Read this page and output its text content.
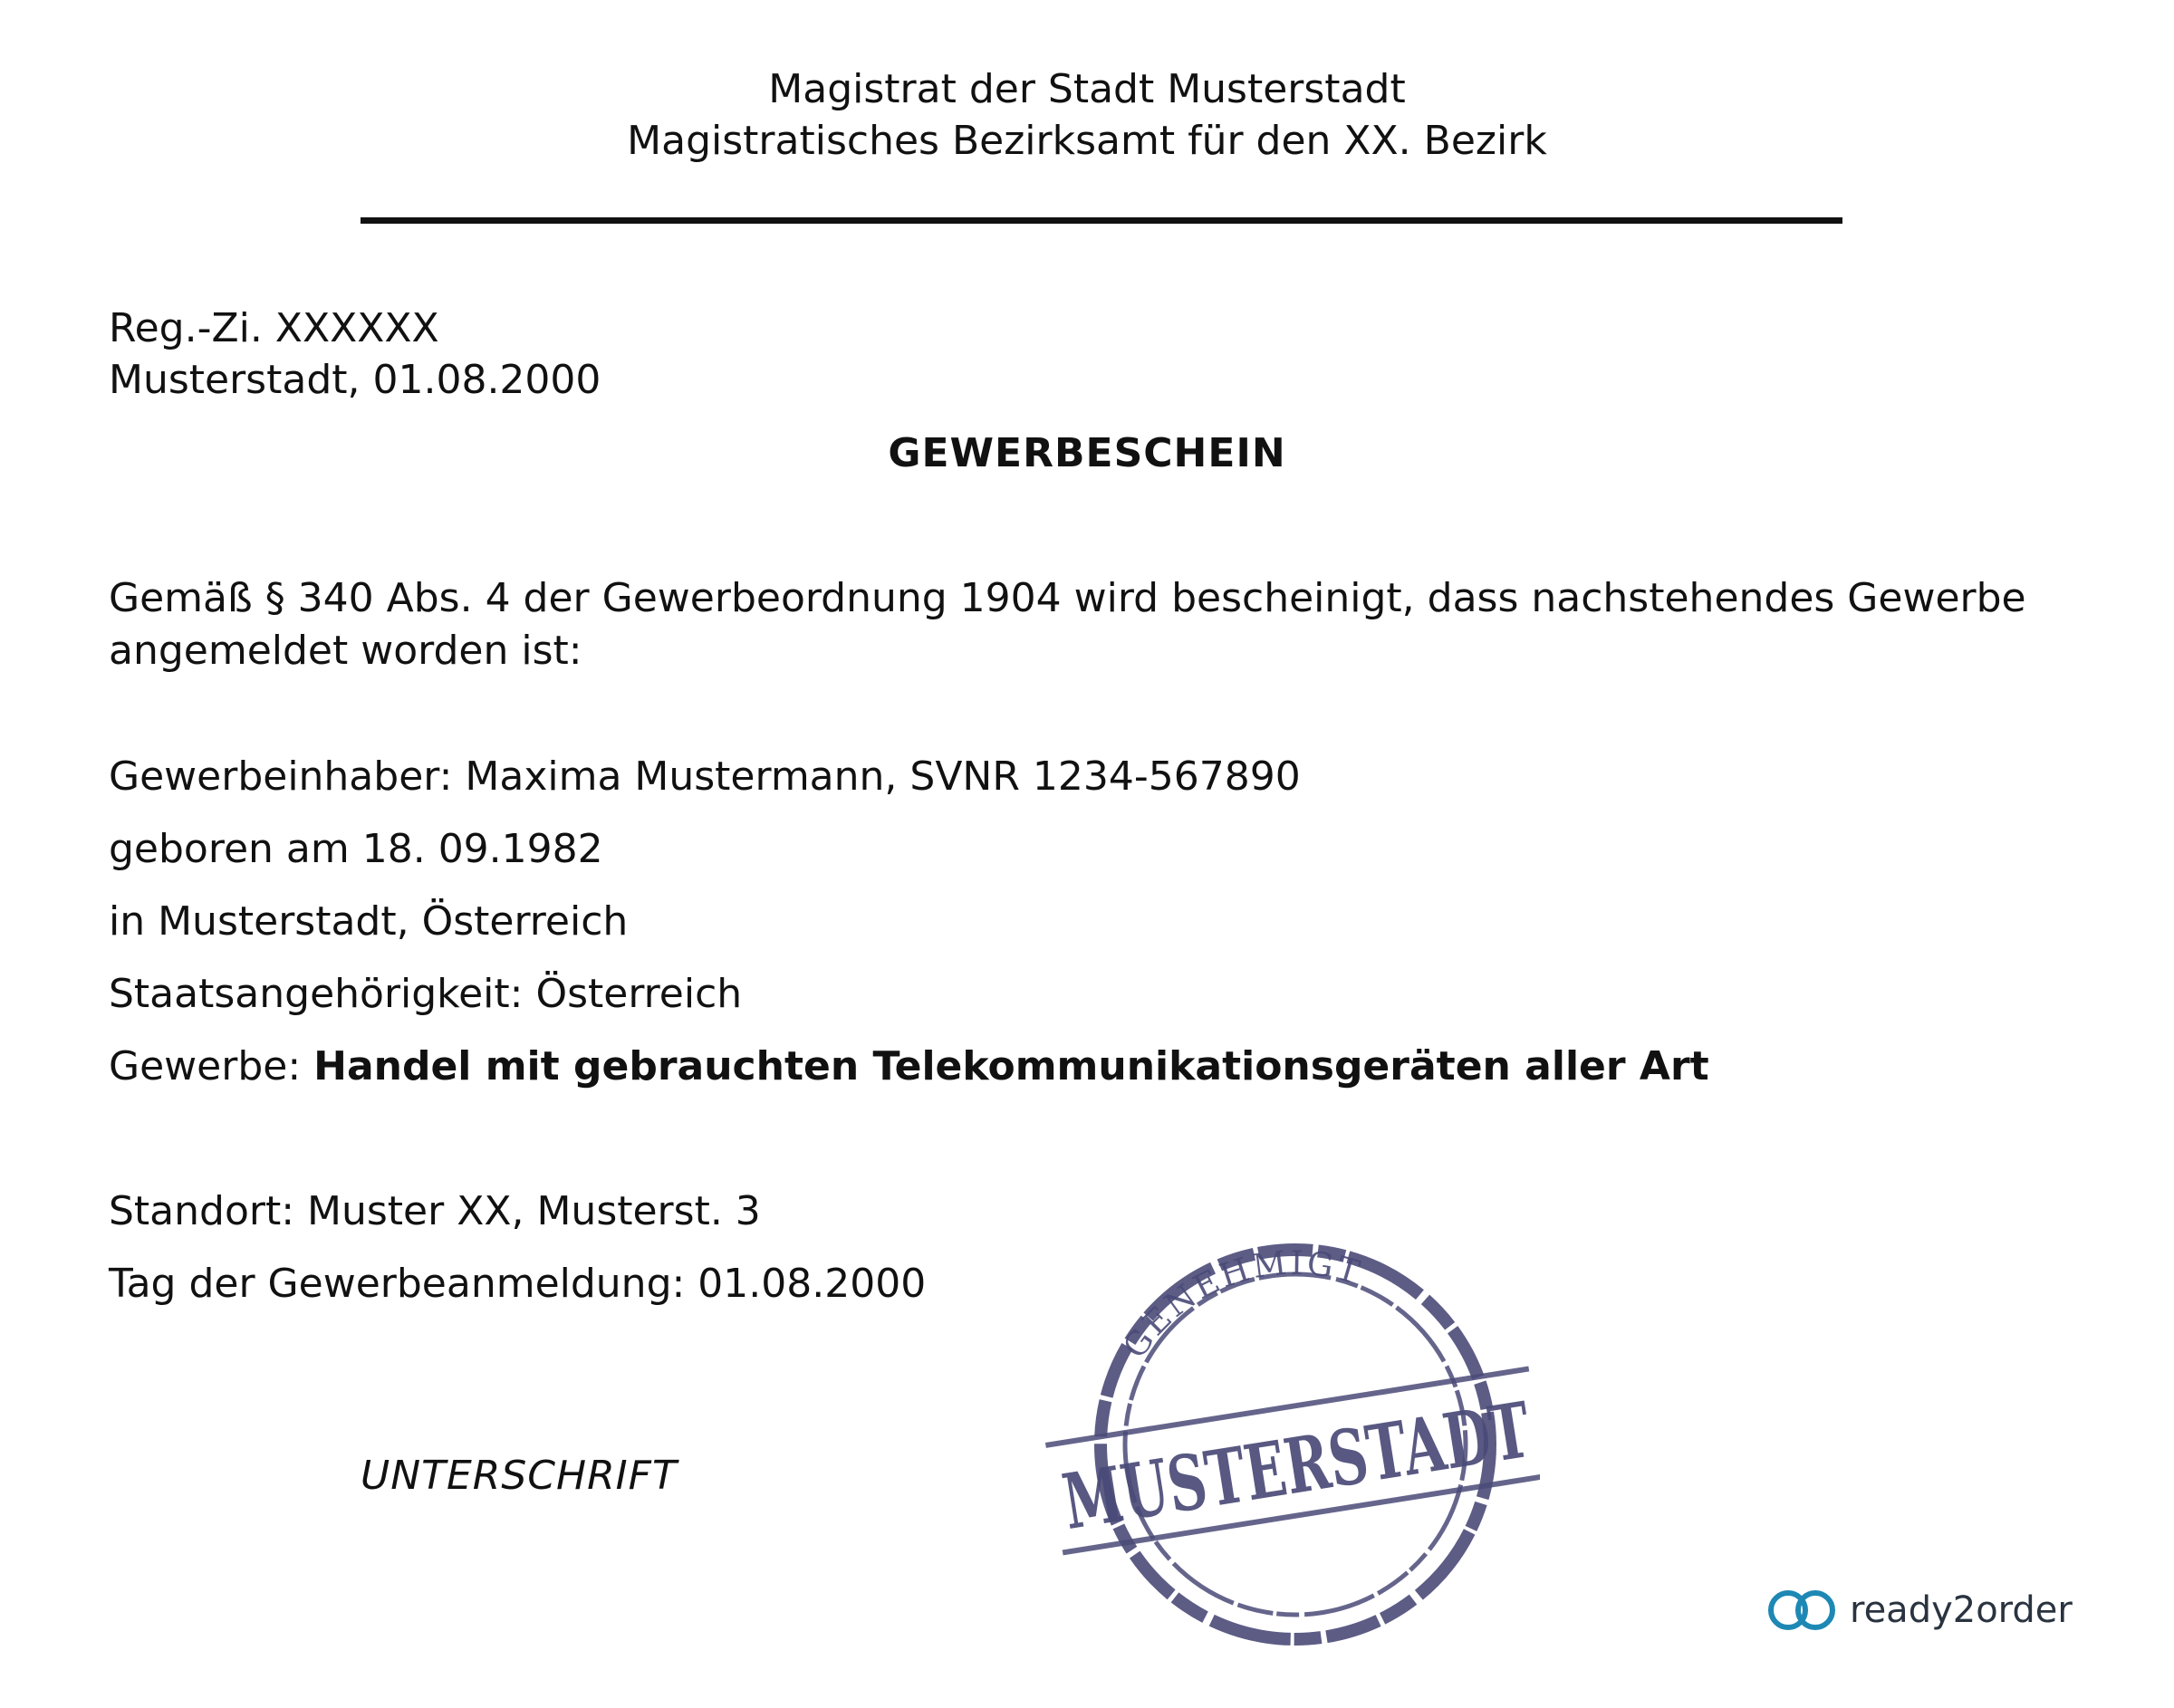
Magistrat der Stadt Musterstadt
Magistratisches Bezirksamt für den XX. Bezirk
Reg.-Zi. XXXXXX
Musterstadt, 01.08.2000
GEWERBESCHEIN
Gemäß § 340 Abs. 4 der Gewerbeordnung 1904 wird bescheinigt, dass nachstehendes Gewerbe angemeldet worden ist:
Gewerbeinhaber: Maxima Mustermann, SVNR 1234-567890
geboren am 18. 09.1982
in Musterstadt, Österreich
Staatsangehörigkeit: Österreich
Gewerbe: Handel mit gebrauchten Telekommunikationsgeräten aller Art
Standort: Muster XX, Musterst. 3
Tag der Gewerbeanmeldung: 01.08.2000
UNTERSCHRIFT
GENEHMIGT
MUSTERSTADT
ready2order
